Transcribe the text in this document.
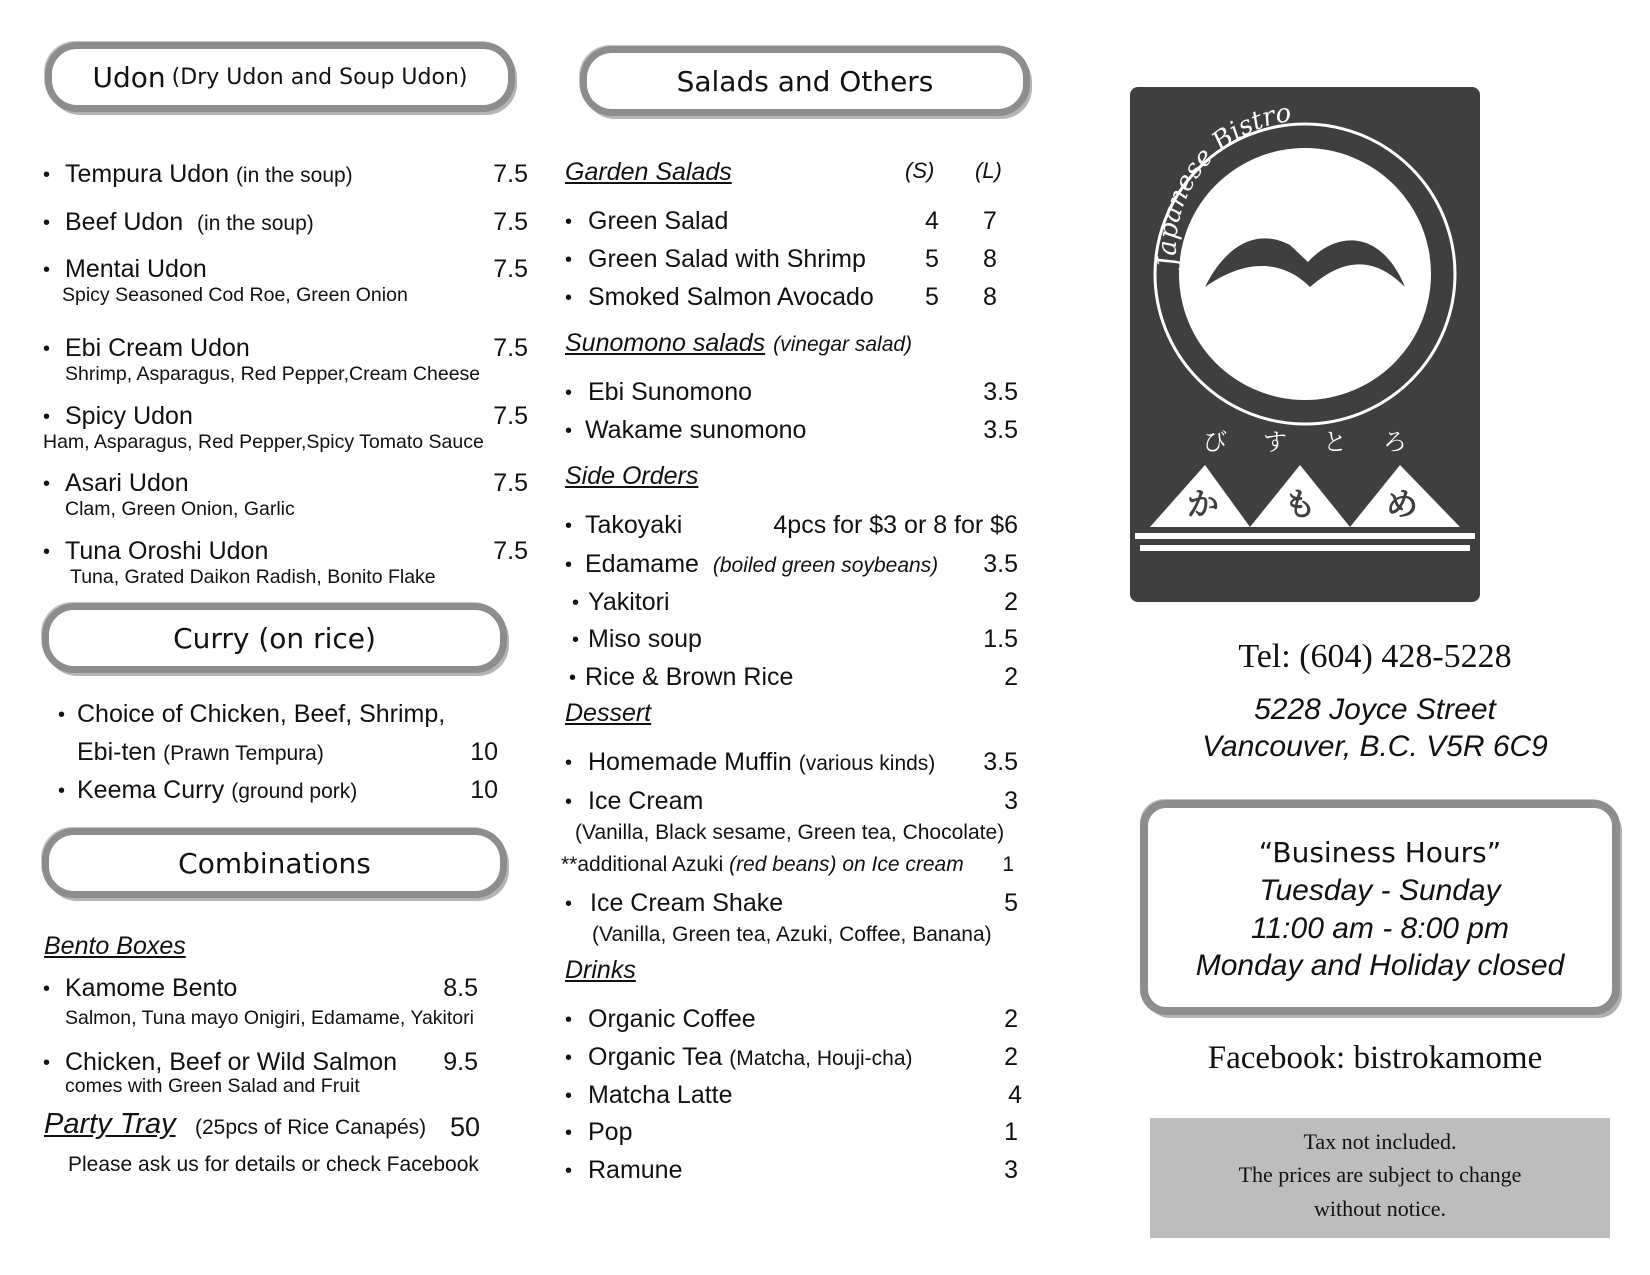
Udon (Dry Udon and Soup Udon)
• Tempura Udon (in the soup)	7.5
• Beef Udon (in the soup)	7.5
• Mentai Udon	7.5
Spicy Seasoned Cod Roe, Green Onion
• Ebi Cream Udon	7.5
Shrimp, Asparagus, Red Pepper,Cream Cheese
• Spicy Udon	7.5
Ham, Asparagus, Red Pepper,Spicy Tomato Sauce
• Asari Udon	7.5
Clam, Green Onion, Garlic
• Tuna Oroshi Udon	7.5
Tuna, Grated Daikon Radish, Bonito Flake
Curry (on rice)
• Choice of Chicken, Beef, Shrimp,
Ebi-ten (Prawn Tempura)	10
• Keema Curry (ground pork)	10
Combinations
Bento Boxes
• Kamome Bento	8.5
Salmon, Tuna mayo Onigiri, Edamame, Yakitori
• Chicken, Beef or Wild Salmon 9.5
comes with Green Salad and Fruit
Party Tray (25pcs of Rice Canapés) 50
Please ask us for details or check Facebook
Salads and Others
Garden Salads	(S) (L)
• Green Salad	4 7
• Green Salad with Shrimp 5 8
• Smoked Salmon Avocado 5 8
Sunomono salads (vinegar salad)
• Ebi Sunomono	3.5
• Wakame sunomono	3.5
Side Orders
• Takoyaki	4pcs for $3 or 8 for $6
• Edamame (boiled green soybeans) 3.5
• Yakitori	2
• Miso soup	1.5
• Rice & Brown Rice	2
Dessert
• Homemade Muffin (various kinds) 3.5
• Ice Cream	3
(Vanilla, Black sesame, Green tea, Chocolate)
**additional Azuki (red beans) on Ice cream 1
• Ice Cream Shake	5
(Vanilla, Green tea, Azuki, Coffee, Banana)
Drinks
• Organic Coffee	2
• Organic Tea (Matcha, Houji-cha)	2
• Matcha Latte	4
• Pop	1
• Ramune	3
Japanese Bistro
Kamome
び す と ろ
か も め
Tel: (604) 428-5228
5228 Joyce Street
Vancouver, B.C. V5R 6C9
“Business Hours”
Tuesday - Sunday
11:00 am - 8:00 pm
Monday and Holiday closed
Facebook: bistrokamome
Tax not included.
The prices are subject to change
without notice.
